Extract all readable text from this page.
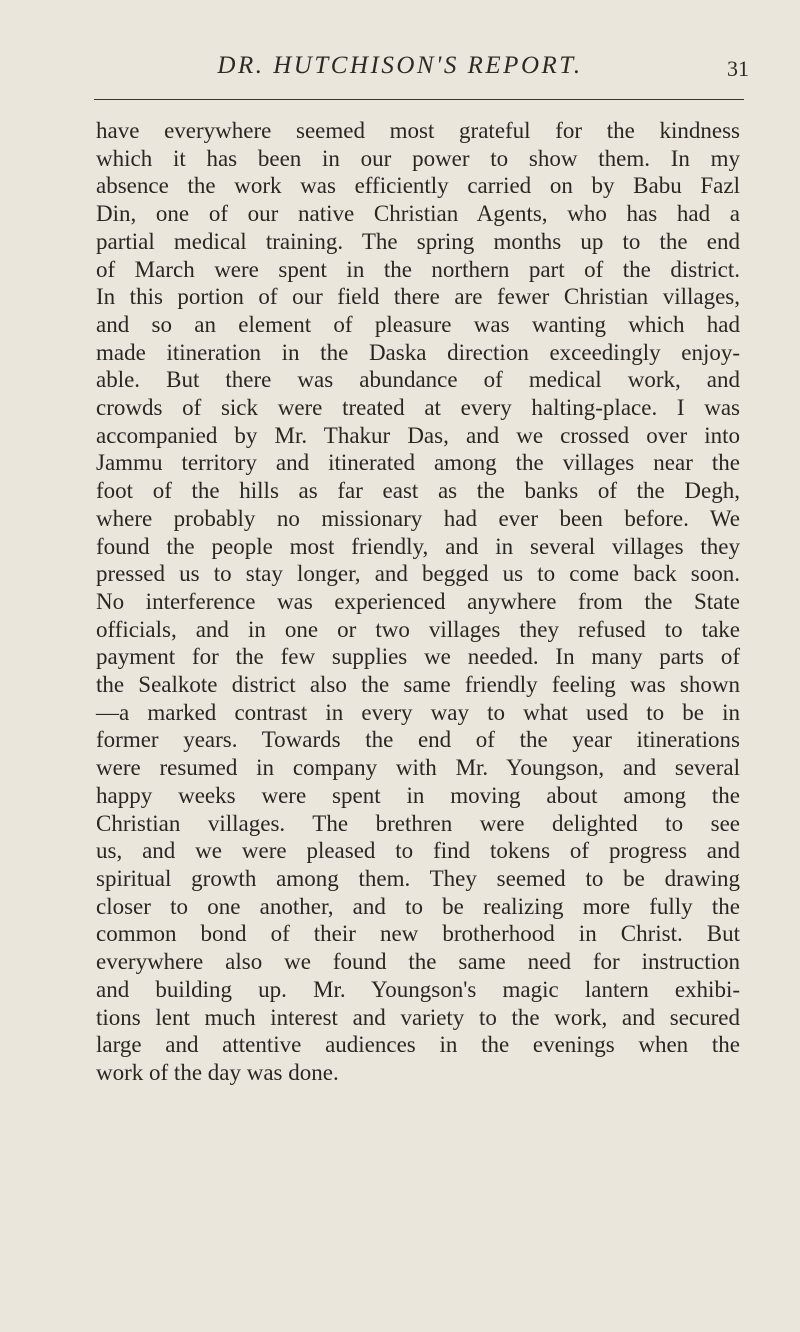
DR. HUTCHISON'S REPORT.	31
have everywhere seemed most grateful for the kindness
which it has been in our power to show them. In my
absence the work was efficiently carried on by Babu Fazl
Din, one of our native Christian Agents, who has had a
partial medical training. The spring months up to the end
of March were spent in the northern part of the district.
In this portion of our field there are fewer Christian villages,
and so an element of pleasure was wanting which had
made itineration in the Daska direction exceedingly enjoy-
able. But there was abundance of medical work, and
crowds of sick were treated at every halting-place. I was
accompanied by Mr. Thakur Das, and we crossed over into
Jammu territory and itinerated among the villages near the
foot of the hills as far east as the banks of the Degh,
where probably no missionary had ever been before. We
found the people most friendly, and in several villages they
pressed us to stay longer, and begged us to come back soon.
No interference was experienced anywhere from the State
officials, and in one or two villages they refused to take
payment for the few supplies we needed. In many parts of
the Sealkote district also the same friendly feeling was shown
—a marked contrast in every way to what used to be in
former years. Towards the end of the year itinerations
were resumed in company with Mr. Youngson, and several
happy weeks were spent in moving about among the
Christian villages. The brethren were delighted to see
us, and we were pleased to find tokens of progress and
spiritual growth among them. They seemed to be drawing
closer to one another, and to be realizing more fully the
common bond of their new brotherhood in Christ. But
everywhere also we found the same need for instruction
and building up. Mr. Youngson's magic lantern exhibi-
tions lent much interest and variety to the work, and secured
large and attentive audiences in the evenings when the
work of the day was done.
